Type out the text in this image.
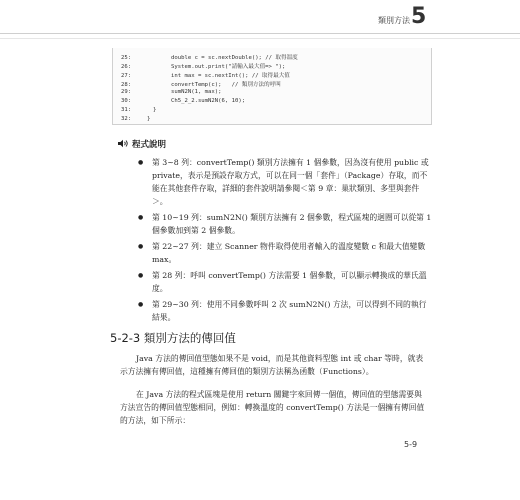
類別方法 5
25:	double c = sc.nextDouble(); // 取得溫度
26:	System.out.print("請輸入最大值=> ");
27:	int max = sc.nextInt(); // 取得最大值
28:	convertTemp(c);   // 類別方法的呼叫
29:	sumN2N(1, max);
30:	Ch5_2_2.sumN2N(6, 10);
31:	}
32:	}
程式說明
● 第 3~8 列：convertTemp() 類別方法擁有 1 個參數，因為沒有使用 public 或 private，表示是預設存取方式，可以在同一個「套件」（Package）存取，而不能在其他套件存取，詳細的套件說明請參閱＜第 9 章：巢狀類別、多型與套件＞。
● 第 10~19 列：sumN2N() 類別方法擁有 2 個參數，程式區塊的迴圈可以從第 1 個參數加到第 2 個參數。
● 第 22~27 列：建立 Scanner 物件取得使用者輸入的溫度變數 c 和最大值變數 max。
● 第 28 列：呼叫 convertTemp() 方法需要 1 個參數，可以顯示轉換成的華氏溫度。
● 第 29~30 列：使用不同參數呼叫 2 次 sumN2N() 方法，可以得到不同的執行結果。
5-2-3 類別方法的傳回值

Java 方法的傳回值型態如果不是 void，而是其他資料型態 int 或 char 等時，就表示方法擁有傳回值，這種擁有傳回值的類別方法稱為函數（Functions）。

在 Java 方法的程式區塊是使用 return 關鍵字來回傳一個值，傳回值的型態需要與方法宣告的傳回值型態相同，例如：轉換溫度的 convertTemp() 方法是一個擁有傳回值的方法，如下所示：

5-9
